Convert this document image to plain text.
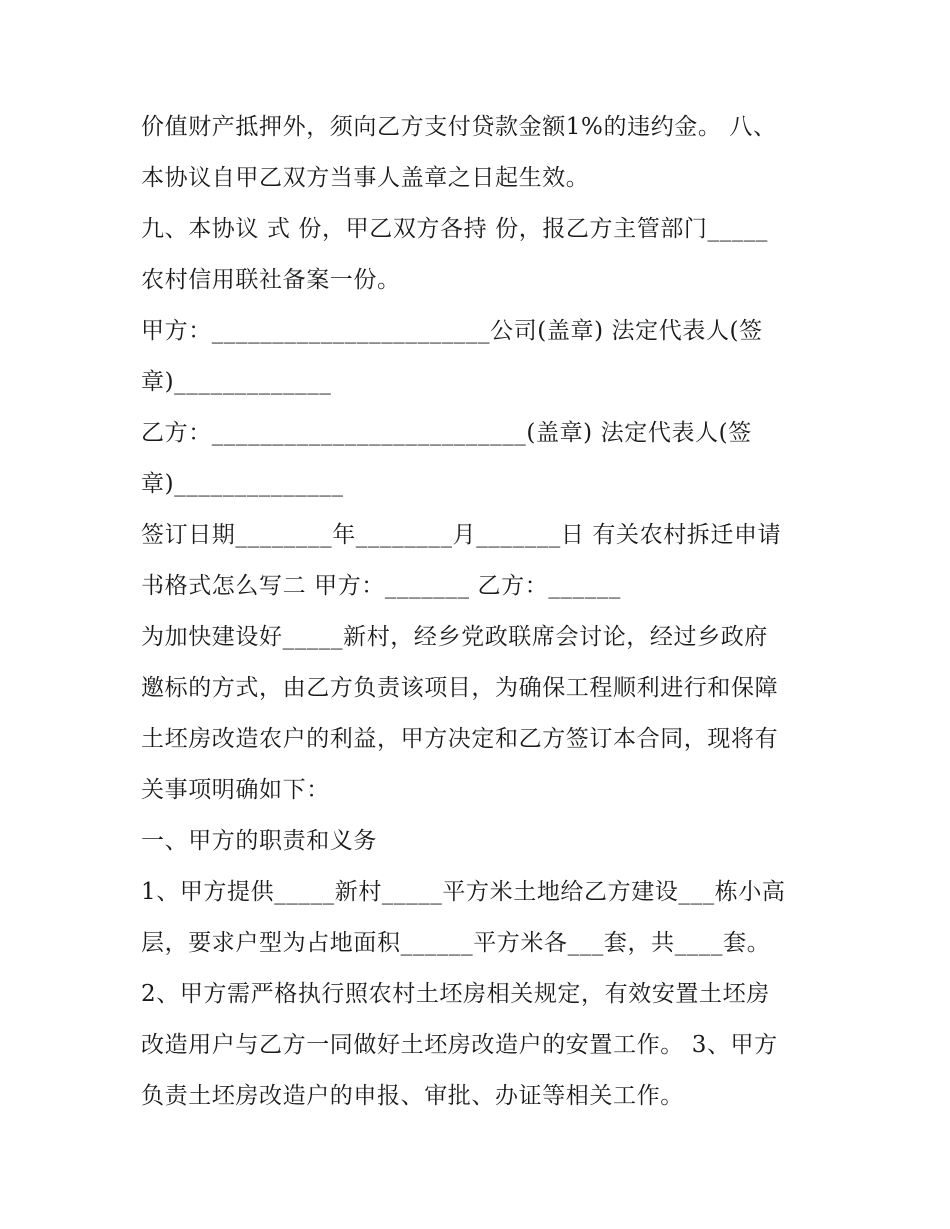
价值财产抵押外，须向乙方支付贷款金额1%的违约金。 八、
本协议自甲乙双方当事人盖章之日起生效。
九、本协议 式 份，甲乙双方各持 份，报乙方主管部门_____
农村信用联社备案一份。
甲方：_______________________公司(盖章) 法定代表人(签
章)_____________
乙方：__________________________(盖章) 法定代表人(签
章)______________
签订日期________年________月_______日 有关农村拆迁申请
书格式怎么写二 甲方：_______ 乙方：______
为加快建设好_____新村，经乡党政联席会讨论，经过乡政府
邀标的方式，由乙方负责该项目，为确保工程顺利进行和保障
土坯房改造农户的利益，甲方决定和乙方签订本合同，现将有
关事项明确如下：
一、甲方的职责和义务
1、甲方提供_____新村_____平方米土地给乙方建设___栋小高
层，要求户型为占地面积______平方米各___套，共____套。
2、甲方需严格执行照农村土坯房相关规定，有效安置土坯房
改造用户与乙方一同做好土坯房改造户的安置工作。 3、甲方
负责土坯房改造户的申报、审批、办证等相关工作。
